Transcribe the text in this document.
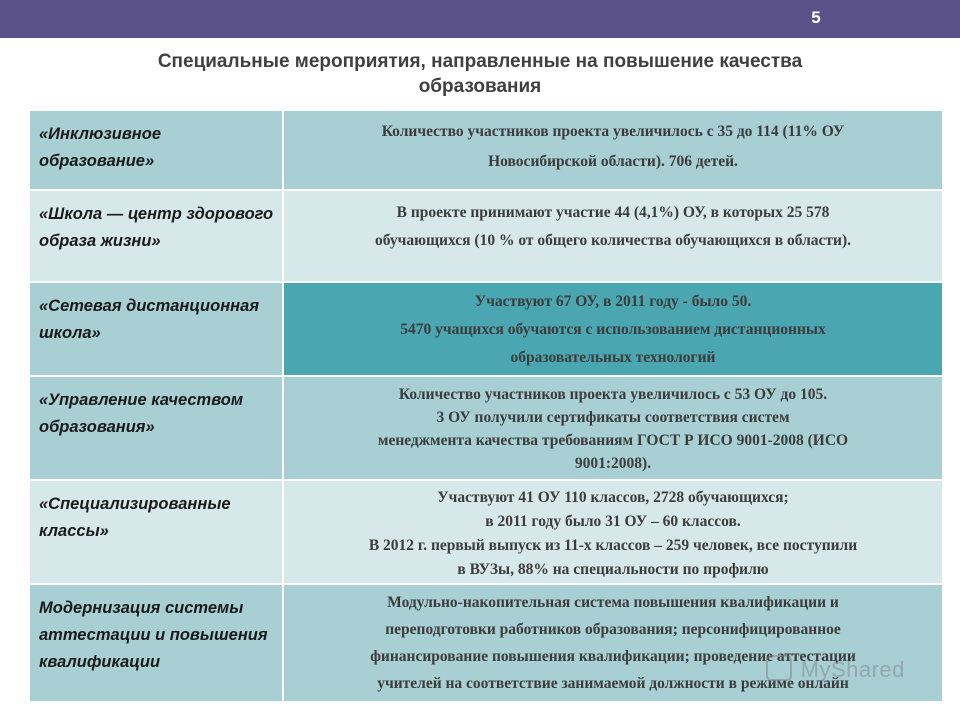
5
Специальные мероприятия, направленные на повышение качества
образования
«Инклюзивное образование»
Количество участников проекта увеличилось с 35 до 114 (11% ОУ
Новосибирской области). 706 детей.
«Школа — центр здорового образа жизни»
В проекте принимают участие 44 (4,1%) ОУ, в которых 25 578
обучающихся (10 % от общего количества обучающихся в области).
«Сетевая дистанционная школа»
Участвуют 67 ОУ, в 2011 году - было 50.
5470 учащихся обучаются с использованием дистанционных
образовательных технологий
«Управление качеством образования»
Количество участников проекта увеличилось с 53 ОУ до 105.
3 ОУ получили сертификаты соответствия систем
менеджмента качества требованиям ГОСТ Р ИСО 9001-2008 (ИСО
9001:2008).
«Специализированные классы»
Участвуют 41 ОУ 110 классов, 2728 обучающихся;
в 2011 году было 31 ОУ – 60 классов.
В 2012 г. первый выпуск из 11-х классов – 259 человек, все поступили
в ВУЗы, 88% на специальности по профилю
Модернизация системы аттестации и повышения квалификации
Модульно-накопительная система повышения квалификации и
переподготовки работников образования; персонифицированное
финансирование повышения квалификации; проведение аттестации
учителей на соответствие занимаемой должности в режиме онлайн
MyShared
